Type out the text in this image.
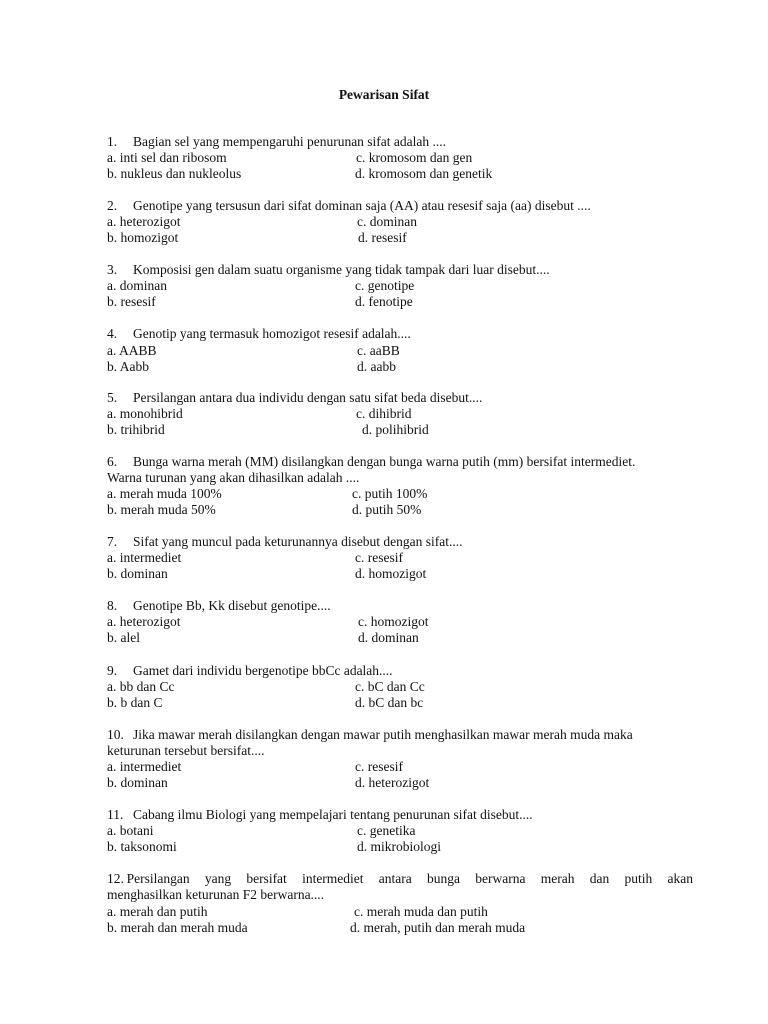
Pewarisan Sifat
1. Bagian sel yang mempengaruhi penurunan sifat adalah ....
a. inti sel dan ribosom	c. kromosom dan gen
b. nukleus dan nukleolus	d. kromosom dan genetik
2. Genotipe yang tersusun dari sifat dominan saja (AA) atau resesif saja (aa) disebut ....
a. heterozigot	c. dominan
b. homozigot	d. resesif
3. Komposisi gen dalam suatu organisme yang tidak tampak dari luar disebut....
a. dominan	c. genotipe
b. resesif	d. fenotipe
4. Genotip yang termasuk homozigot resesif adalah....
a. AABB	c. aaBB
b. Aabb	d. aabb
5. Persilangan antara dua individu dengan satu sifat beda disebut....
a. monohibrid	c. dihibrid
b. trihibrid	d. polihibrid
6. Bunga warna merah (MM) disilangkan dengan bunga warna putih (mm) bersifat intermediet.
Warna turunan yang akan dihasilkan adalah ....
a. merah muda 100%	c. putih 100%
b. merah muda 50%	d. putih 50%
7. Sifat yang muncul pada keturunannya disebut dengan sifat....
a. intermediet	c. resesif
b. dominan	d. homozigot
8. Genotipe Bb, Kk disebut genotipe....
a. heterozigot	c. homozigot
b. alel	d. dominan
9. Gamet dari individu bergenotipe bbCc adalah....
a. bb dan Cc	c. bC dan Cc
b. b dan C	d. bC dan bc
10. Jika mawar merah disilangkan dengan mawar putih menghasilkan mawar merah muda maka
keturunan tersebut bersifat....
a. intermediet	c. resesif
b. dominan	d. heterozigot
11. Cabang ilmu Biologi yang mempelajari tentang penurunan sifat disebut....
a. botani	c. genetika
b. taksonomi	d. mikrobiologi
12.  Persilangan yang bersifat intermediet antara bunga berwarna merah dan putih akan
menghasilkan keturunan F2 berwarna....
a. merah dan putih	c. merah muda dan putih
b. merah dan merah muda	d. merah, putih dan merah muda
